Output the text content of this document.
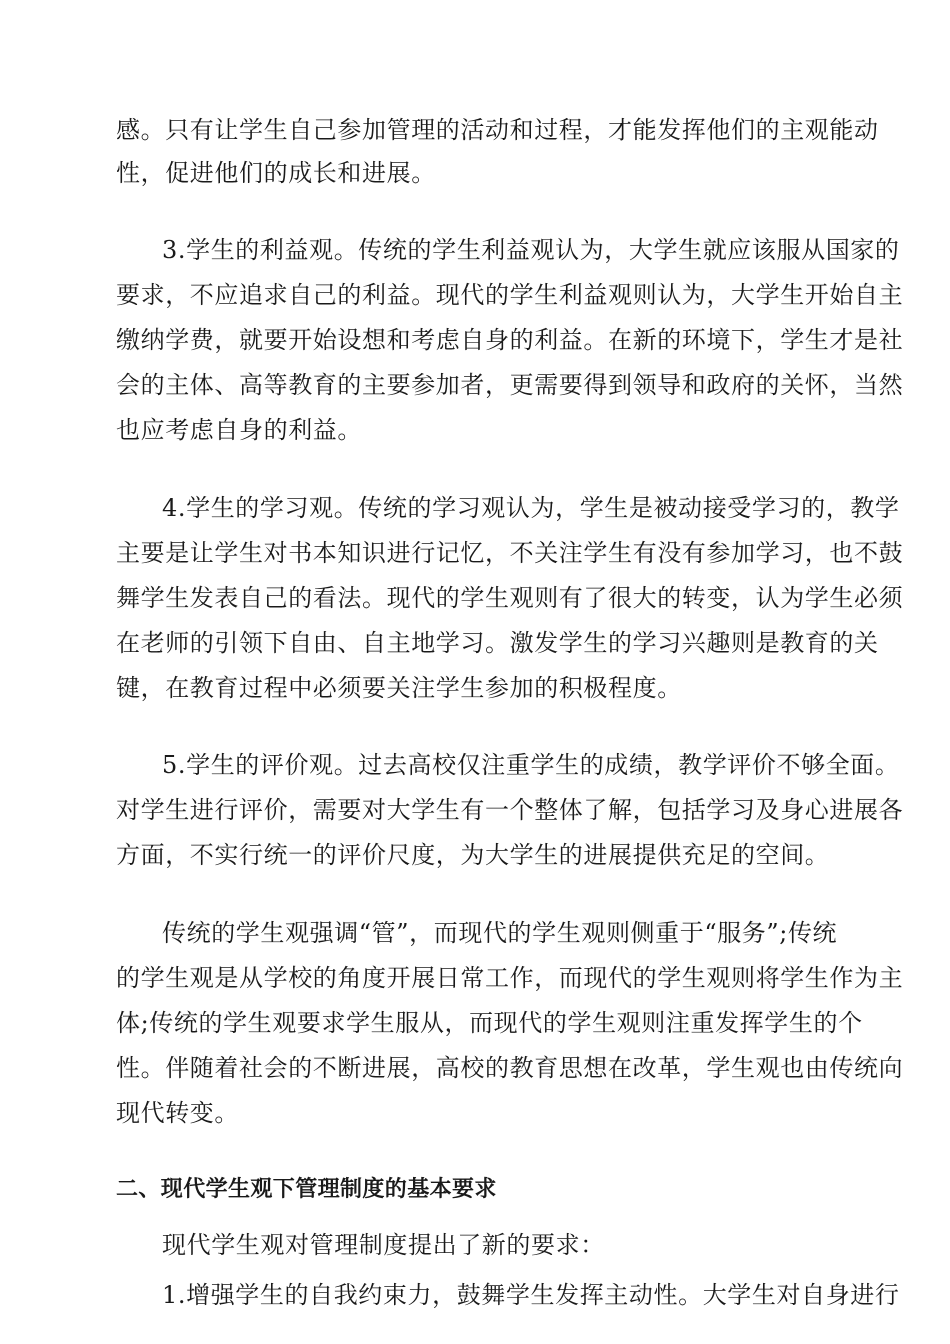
感。只有让学生自己参加管理的活动和过程，才能发挥他们的主观能动
性，促进他们的成长和进展。
3.学生的利益观。传统的学生利益观认为，大学生就应该服从国家的
要求，不应追求自己的利益。现代的学生利益观则认为，大学生开始自主
缴纳学费，就要开始设想和考虑自身的利益。在新的环境下，学生才是社
会的主体、高等教育的主要参加者，更需要得到领导和政府的关怀，当然
也应考虑自身的利益。
4.学生的学习观。传统的学习观认为，学生是被动接受学习的，教学
主要是让学生对书本知识进行记忆，不关注学生有没有参加学习，也不鼓
舞学生发表自己的看法。现代的学生观则有了很大的转变，认为学生必须
在老师的引领下自由、自主地学习。激发学生的学习兴趣则是教育的关
键，在教育过程中必须要关注学生参加的积极程度。
5.学生的评价观。过去高校仅注重学生的成绩，教学评价不够全面。
对学生进行评价，需要对大学生有一个整体了解，包括学习及身心进展各
方面，不实行统一的评价尺度，为大学生的进展提供充足的空间。
传统的学生观强调“管”，而现代的学生观则侧重于“服务”;传统
的学生观是从学校的角度开展日常工作，而现代的学生观则将学生作为主
体;传统的学生观要求学生服从，而现代的学生观则注重发挥学生的个
性。伴随着社会的不断进展，高校的教育思想在改革，学生观也由传统向
现代转变。
二、现代学生观下管理制度的基本要求
现代学生观对管理制度提出了新的要求：
1.增强学生的自我约束力，鼓舞学生发挥主动性。大学生对自身进行
